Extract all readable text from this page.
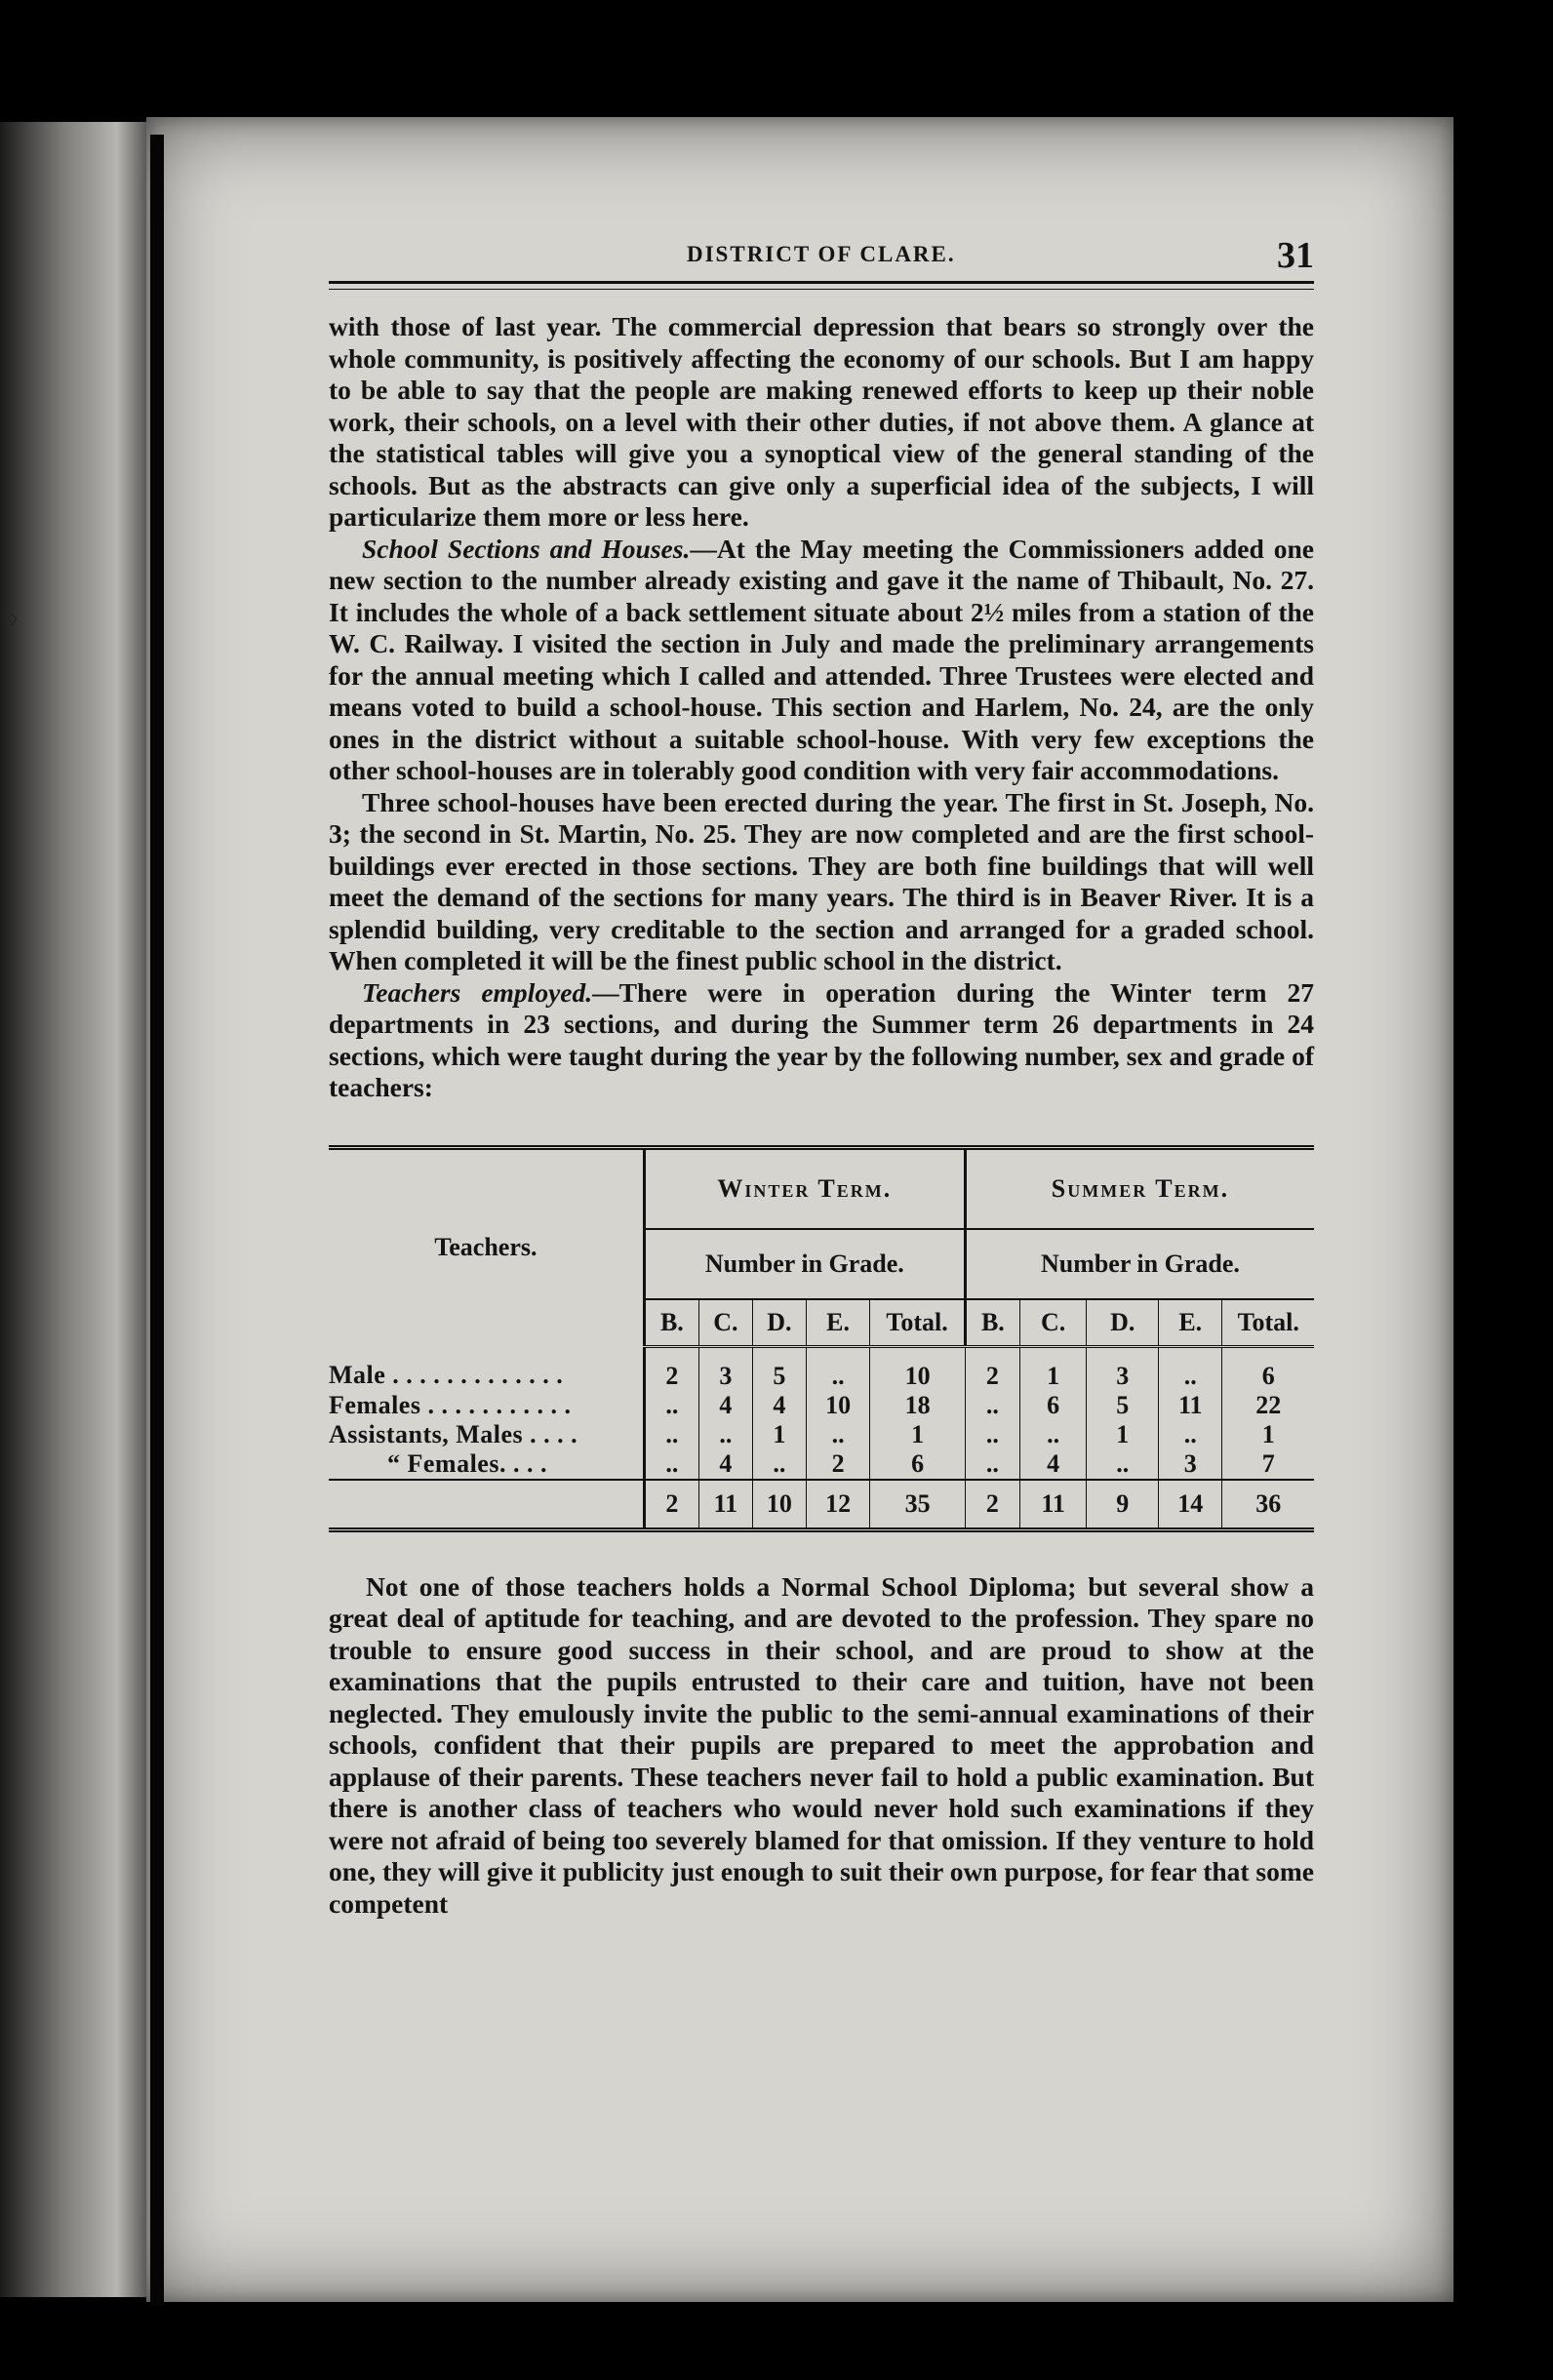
◊
DISTRICT OF CLARE.	31

with those of last year. The commercial depression that bears so strongly over the whole community, is positively affecting the economy of our schools. But I am happy to be able to say that the people are making renewed efforts to keep up their noble work, their schools, on a level with their other duties, if not above them. A glance at the statistical tables will give you a synoptical view of the general standing of the schools. But as the abstracts can give only a superficial idea of the subjects, I will particularize them more or less here.

School Sections and Houses.—At the May meeting the Commissioners added one new section to the number already existing and gave it the name of Thibault, No. 27. It includes the whole of a back settlement situate about 2½ miles from a station of the W. C. Railway. I visited the section in July and made the preliminary arrangements for the annual meeting which I called and attended. Three Trustees were elected and means voted to build a school-house. This section and Harlem, No. 24, are the only ones in the district without a suitable school-house. With very few exceptions the other school-houses are in tolerably good condition with very fair accommodations.

Three school-houses have been erected during the year. The first in St. Joseph, No. 3; the second in St. Martin, No. 25. They are now completed and are the first school-buildings ever erected in those sections. They are both fine buildings that will well meet the demand of the sections for many years. The third is in Beaver River. It is a splendid building, very creditable to the section and arranged for a graded school. When completed it will be the finest public school in the district.

Teachers employed.—There were in operation during the Winter term 27 departments in 23 sections, and during the Summer term 26 departments in 24 sections, which were taught during the year by the following number, sex and grade of teachers:

Teachers.	Winter Term.					Summer Term.				
	Number in Grade.					Number in Grade.				
	B.	C.	D.	E.	Total.	B.	C.	D.	E.	Total.
Male . . . . . . . . . . . . .	2	3	5	..	10	2	1	3	..	6
Females . . . . . . . . . . .	..	4	4	10	18	..	6	5	11	22
Assistants, Males . . . .	..	..	1	..	1	..	..	1	..	1
“ Females. . . .	..	4	..	2	6	..	4	..	3	7
	2	11	10	12	35	2	11	9	14	36

Not one of those teachers holds a Normal School Diploma; but several show a great deal of aptitude for teaching, and are devoted to the profession. They spare no trouble to ensure good success in their school, and are proud to show at the examinations that the pupils entrusted to their care and tuition, have not been neglected. They emulously invite the public to the semi-annual examinations of their schools, confident that their pupils are prepared to meet the approbation and applause of their parents. These teachers never fail to hold a public examination. But there is another class of teachers who would never hold such examinations if they were not afraid of being too severely blamed for that omission. If they venture to hold one, they will give it publicity just enough to suit their own purpose, for fear that some competent
